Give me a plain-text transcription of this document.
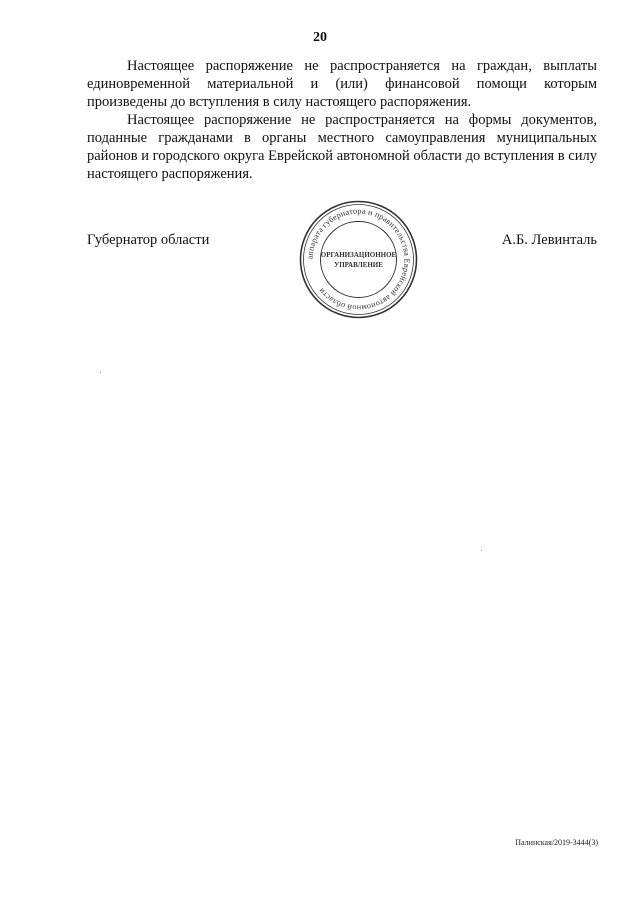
20

Настоящее распоряжение не распространяется на граждан, выплаты единовременной материальной и (или) финансовой помощи которым произведены до вступления в силу настоящего распоряжения.

Настоящее распоряжение не распространяется на формы документов, поданные гражданами в органы местного самоуправления муниципальных районов и городского округа Еврейской автономной области до вступления в силу настоящего распоряжения.

Губернатор области	А.Б. Левинталь
аппарата губернатора и правительства Еврейской автономной области
ОРГАНИЗАЦИОННОЕ
УПРАВЛЕНИЕ
Палинская/2019-3444(3)
